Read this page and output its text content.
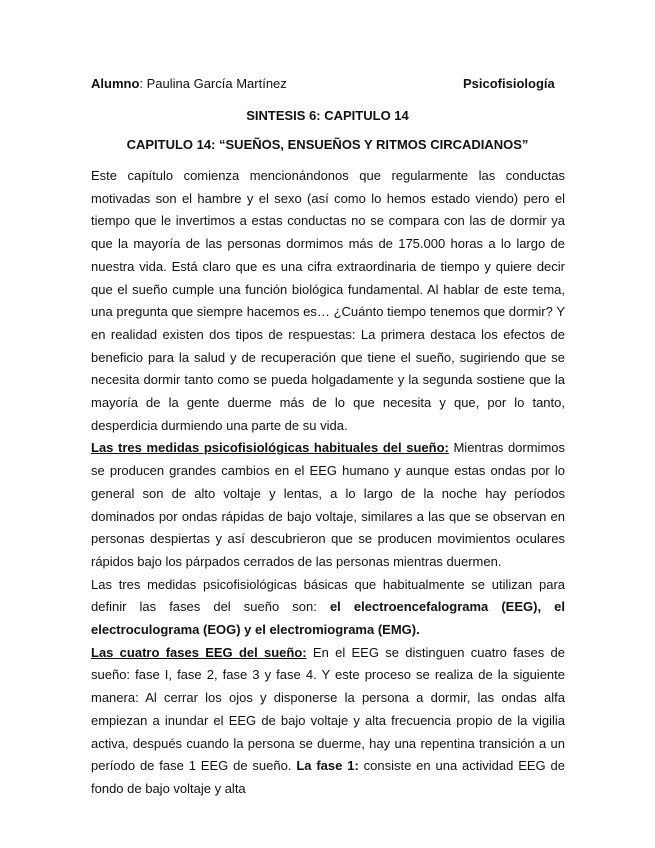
Alumno: Paulina García Martínez	Psicofisiología
SINTESIS 6: CAPITULO 14
CAPITULO 14: “SUEÑOS, ENSUEÑOS Y RITMOS CIRCADIANOS”

Este capítulo comienza mencionándonos que regularmente las conductas motivadas son el hambre y el sexo (así como lo hemos estado viendo) pero el tiempo que le invertimos a estas conductas no se compara con las de dormir ya que la mayoría de las personas dormimos más de 175.000 horas a lo largo de nuestra vida. Está claro que es una cifra extraordinaria de tiempo y quiere decir que el sueño cumple una función biológica fundamental. Al hablar de este tema, una pregunta que siempre hacemos es… ¿Cuánto tiempo tenemos que dormir? Y en realidad existen dos tipos de respuestas: La primera destaca los efectos de beneficio para la salud y de recuperación que tiene el sueño, sugiriendo que se necesita dormir tanto como se pueda holgadamente y la segunda sostiene que la mayoría de la gente duerme más de lo que necesita y que, por lo tanto, desperdicia durmiendo una parte de su vida.

Las tres medidas psicofisiológicas habituales del sueño: Mientras dormimos se producen grandes cambios en el EEG humano y aunque estas ondas por lo general son de alto voltaje y lentas, a lo largo de la noche hay períodos dominados por ondas rápidas de bajo voltaje, similares a las que se observan en personas despiertas y así descubrieron que se producen movimientos oculares rápidos bajo los párpados cerrados de las personas mientras duermen.

Las tres medidas psicofisiológicas básicas que habitualmente se utilizan para definir las fases del sueño son: el electroencefalograma (EEG), el electroculograma (EOG) y el electromiograma (EMG).

Las cuatro fases EEG del sueño: En el EEG se distinguen cuatro fases de sueño: fase I, fase 2, fase 3 y fase 4. Y este proceso se realiza de la siguiente manera: Al cerrar los ojos y disponerse la persona a dormir, las ondas alfa empiezan a inundar el EEG de bajo voltaje y alta frecuencia propio de la vigilia activa, después cuando la persona se duerme, hay una repentina transición a un período de fase 1 EEG de sueño. La fase 1: consiste en una actividad EEG de fondo de bajo voltaje y alta
